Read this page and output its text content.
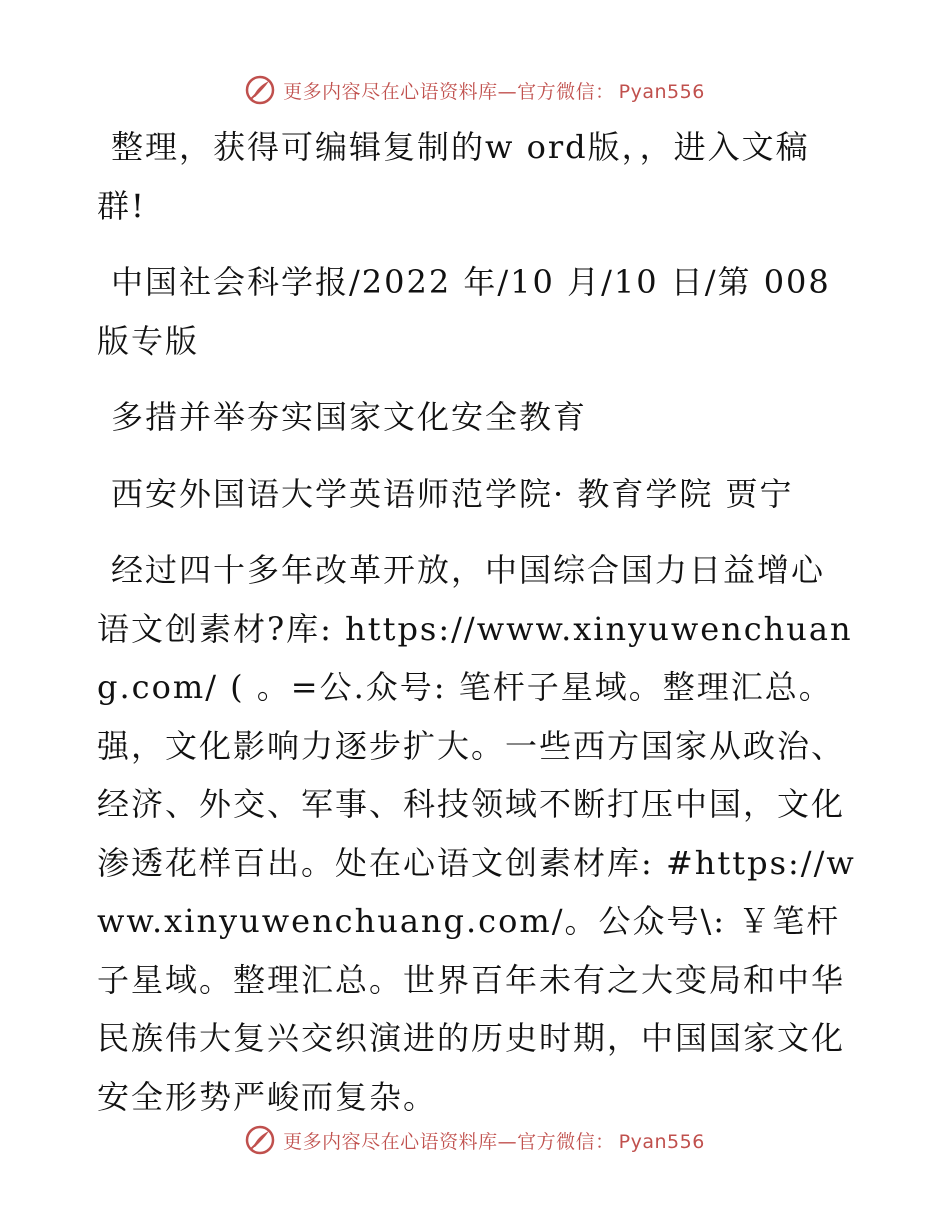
更多内容尽在心语资料库—官方微信： Pyan556

整理，获得可编辑复制的w ord版，，进入文稿群!

中国社会科学报/2022 年/10 月/10 日/第 008 版专版

多措并举夯实国家文化安全教育

西安外国语大学英语师范学院· 教育学院 贾宁

经过四十多年改革开放，中国综合国力日益增心语文创素材?库: https://www.xinyuwenchuang.com/ ( 。=公.众号: 笔杆子星域。整理汇总。强，文化影响力逐步扩大。一些西方国家从政治、经济、外交、军事、科技领域不断打压中国，文化渗透花样百出。处在心语文创素材库: #https://www.xinyuwenchuang.com/。公众号\: ￥笔杆子星域。整理汇总。世界百年未有之大变局和中华民族伟大复兴交织演进的历史时期，中国国家文化安全形势严峻而复杂。

更多内容尽在心语资料库—官方微信： Pyan556
